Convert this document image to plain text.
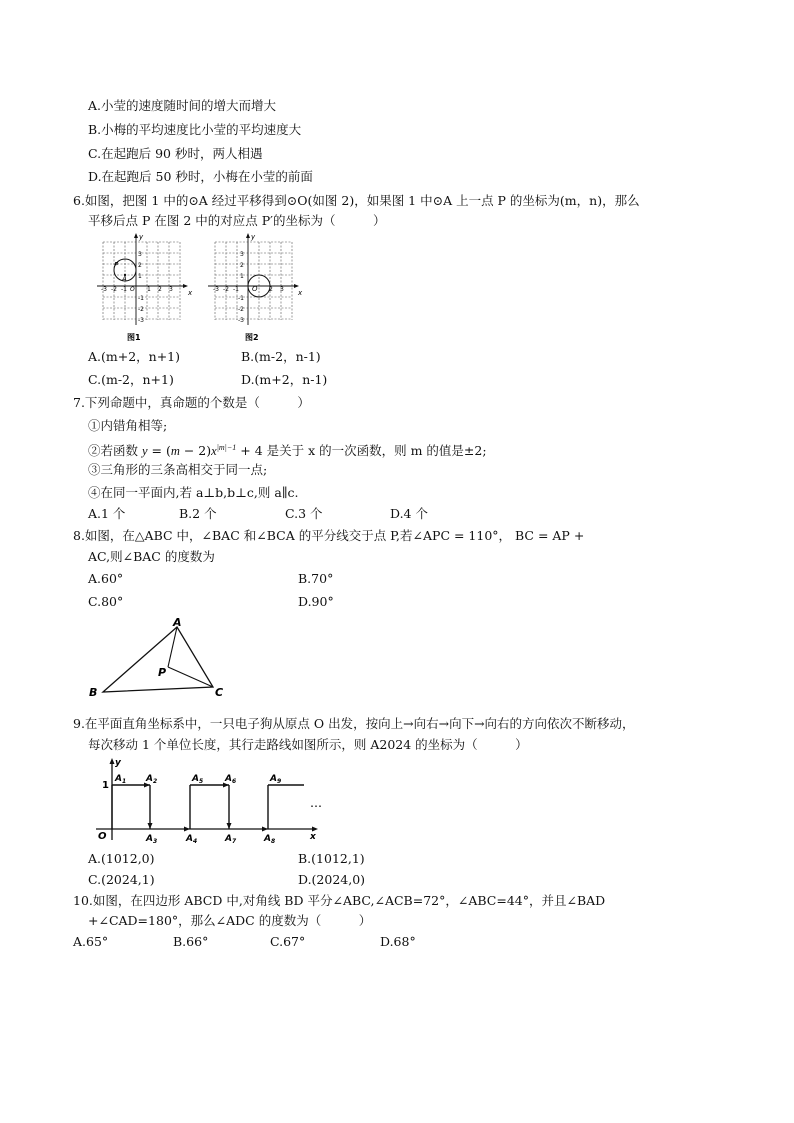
A.小莹的速度随时间的增大而增大
B.小梅的平均速度比小莹的平均速度大
C.在起跑后 90 秒时，两人相遇
D.在起跑后 50 秒时，小梅在小莹的前面
6.如图，把图 1 中的⊙A 经过平移得到⊙O(如图 2)，如果图 1 中⊙A 上一点 P 的坐标为(m，n)，那么
平移后点 P 在图 2 中的对应点 P′的坐标为（　　　）
y
x
P
A
O
-3 -2 -1	1 2 3
3
2
1
-1
-2
-3
图1
y
x
O
-3 -2 -1	2 3
3
2
1
-1
-2
-3
图2
A.(m+2，n+1)	B.(m-2，n-1)
C.(m-2，n+1)	D.(m+2，n-1)
7.下列命题中，真命题的个数是（　　　）
①内错角相等;
②若函数 $y = (m - 2)x^{|m|-1} + 4$ 是关于 x 的一次函数，则 m 的值是±2;
③三角形的三条高相交于同一点;
④在同一平面内,若 a⊥b,b⊥c,则 a∥c.
A.1 个	B.2 个	C.3 个	D.4 个
8.如图，在△ABC 中，∠BAC 和∠BCA 的平分线交于点 P,若∠APC = 110°， BC = AP +
AC,则∠BAC 的度数为
A.60°	B.70°
C.80°	D.90°
A
B	C
P
9.在平面直角坐标系中，一只电子狗从原点 O 出发，按向上→向右→向下→向右的方向依次不断移动，
每次移动 1 个单位长度，其行走路线如图所示，则 A2024 的坐标为（　　　）
y
x
O
1
$A_1$ $A_2$
$A_3$	$A_4$
$A_5$ $A_6$
$A_7$	$A_8$
$A_9$
…
A.(1012,0)	B.(1012,1)
C.(2024,1)	D.(2024,0)
10.如图，在四边形 ABCD 中,对角线 BD 平分∠ABC,∠ACB=72°，∠ABC=44°，并且∠BAD
+∠CAD=180°，那么∠ADC 的度数为（　　　）
A.65°	B.66°	C.67°	D.68°
